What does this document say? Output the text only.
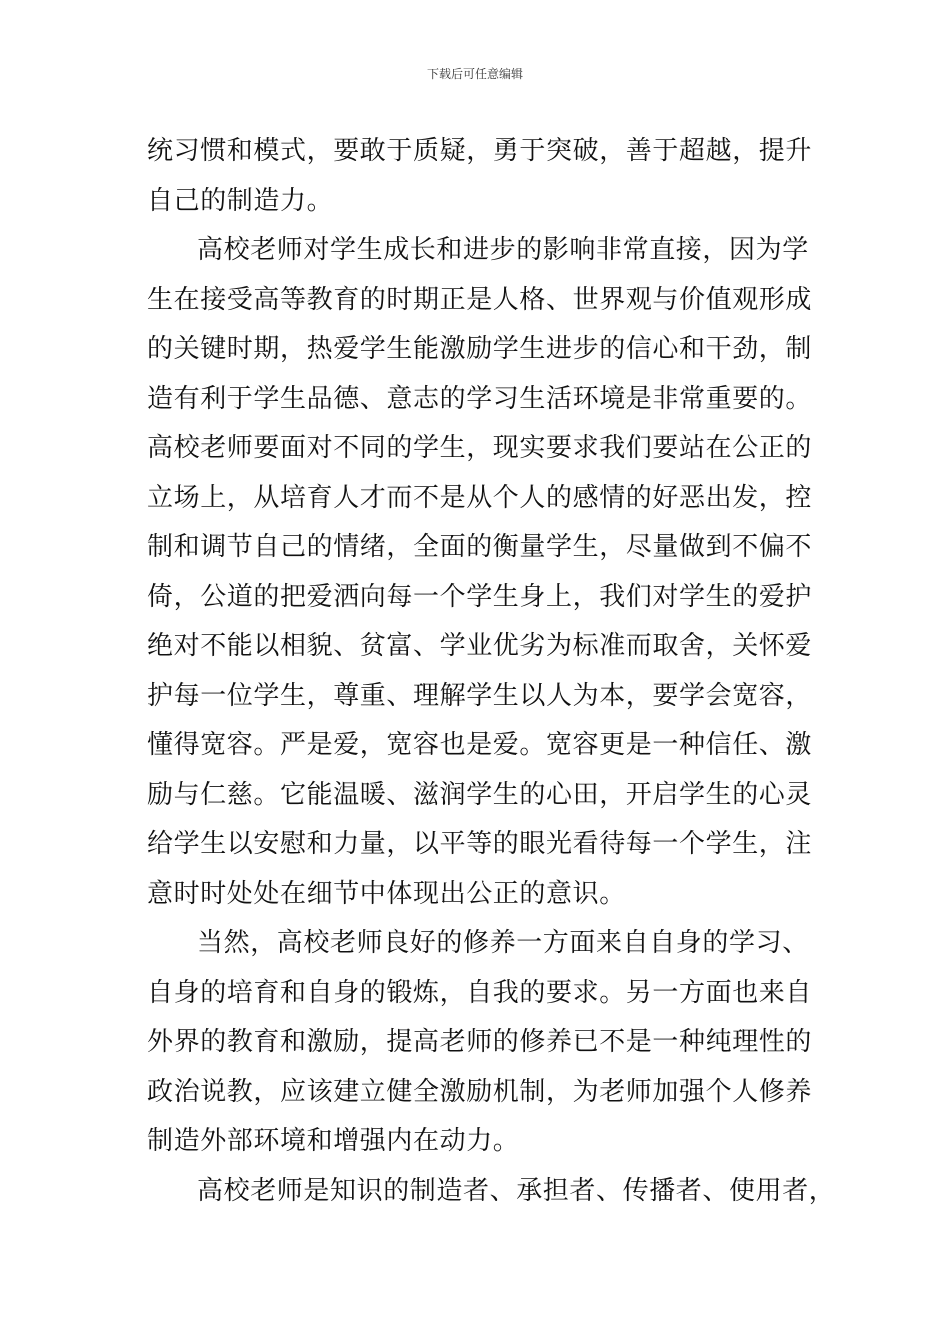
下载后可任意编辑
统习惯和模式，要敢于质疑，勇于突破，善于超越，提升
自己的制造力。
高校老师对学生成长和进步的影响非常直接，因为学
生在接受高等教育的时期正是人格、世界观与价值观形成
的关键时期，热爱学生能激励学生进步的信心和干劲，制
造有利于学生品德、意志的学习生活环境是非常重要的。
高校老师要面对不同的学生，现实要求我们要站在公正的
立场上，从培育人才而不是从个人的感情的好恶出发，控
制和调节自己的情绪，全面的衡量学生，尽量做到不偏不
倚，公道的把爱洒向每一个学生身上，我们对学生的爱护
绝对不能以相貌、贫富、学业优劣为标准而取舍，关怀爱
护每一位学生，尊重、理解学生以人为本，要学会宽容，
懂得宽容。严是爱，宽容也是爱。宽容更是一种信任、激
励与仁慈。它能温暖、滋润学生的心田，开启学生的心灵
给学生以安慰和力量，以平等的眼光看待每一个学生，注
意时时处处在细节中体现出公正的意识。
当然，高校老师良好的修养一方面来自自身的学习、
自身的培育和自身的锻炼，自我的要求。另一方面也来自
外界的教育和激励，提高老师的修养已不是一种纯理性的
政治说教，应该建立健全激励机制，为老师加强个人修养
制造外部环境和增强内在动力。
高校老师是知识的制造者、承担者、传播者、使用者，
